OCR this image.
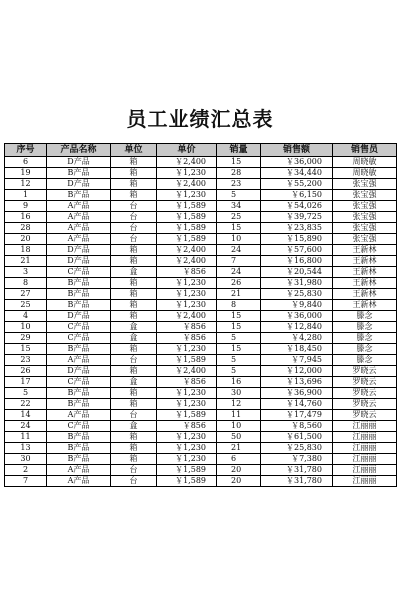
员工业绩汇总表
序号	产品名称	单位	单价	销量	销售额	销售员
6	D产品	箱	￥2,400	15	￥36,000	周晓敏
19	B产品	箱	￥1,230	28	￥34,440	周晓敏
12	D产品	箱	￥2,400	23	￥55,200	张宝强
1	B产品	箱	￥1,230	5	￥6,150	张宝强
9	A产品	台	￥1,589	34	￥54,026	张宝强
16	A产品	台	￥1,589	25	￥39,725	张宝强
28	A产品	台	￥1,589	15	￥23,835	张宝强
20	A产品	台	￥1,589	10	￥15,890	张宝强
18	D产品	箱	￥2,400	24	￥57,600	王新林
21	D产品	箱	￥2,400	7	￥16,800	王新林
3	C产品	盒	￥856	24	￥20,544	王新林
8	B产品	箱	￥1,230	26	￥31,980	王新林
27	B产品	箱	￥1,230	21	￥25,830	王新林
25	B产品	箱	￥1,230	8	￥9,840	王新林
4	D产品	箱	￥2,400	15	￥36,000	滕念
10	C产品	盒	￥856	15	￥12,840	滕念
29	C产品	盒	￥856	5	￥4,280	滕念
15	B产品	箱	￥1,230	15	￥18,450	滕念
23	A产品	台	￥1,589	5	￥7,945	滕念
26	D产品	箱	￥2,400	5	￥12,000	罗晓云
17	C产品	盒	￥856	16	￥13,696	罗晓云
5	B产品	箱	￥1,230	30	￥36,900	罗晓云
22	B产品	箱	￥1,230	12	￥14,760	罗晓云
14	A产品	台	￥1,589	11	￥17,479	罗晓云
24	C产品	盒	￥856	10	￥8,560	江丽丽
11	B产品	箱	￥1,230	50	￥61,500	江丽丽
13	B产品	箱	￥1,230	21	￥25,830	江丽丽
30	B产品	箱	￥1,230	6	￥7,380	江丽丽
2	A产品	台	￥1,589	20	￥31,780	江丽丽
7	A产品	台	￥1,589	20	￥31,780	江丽丽
